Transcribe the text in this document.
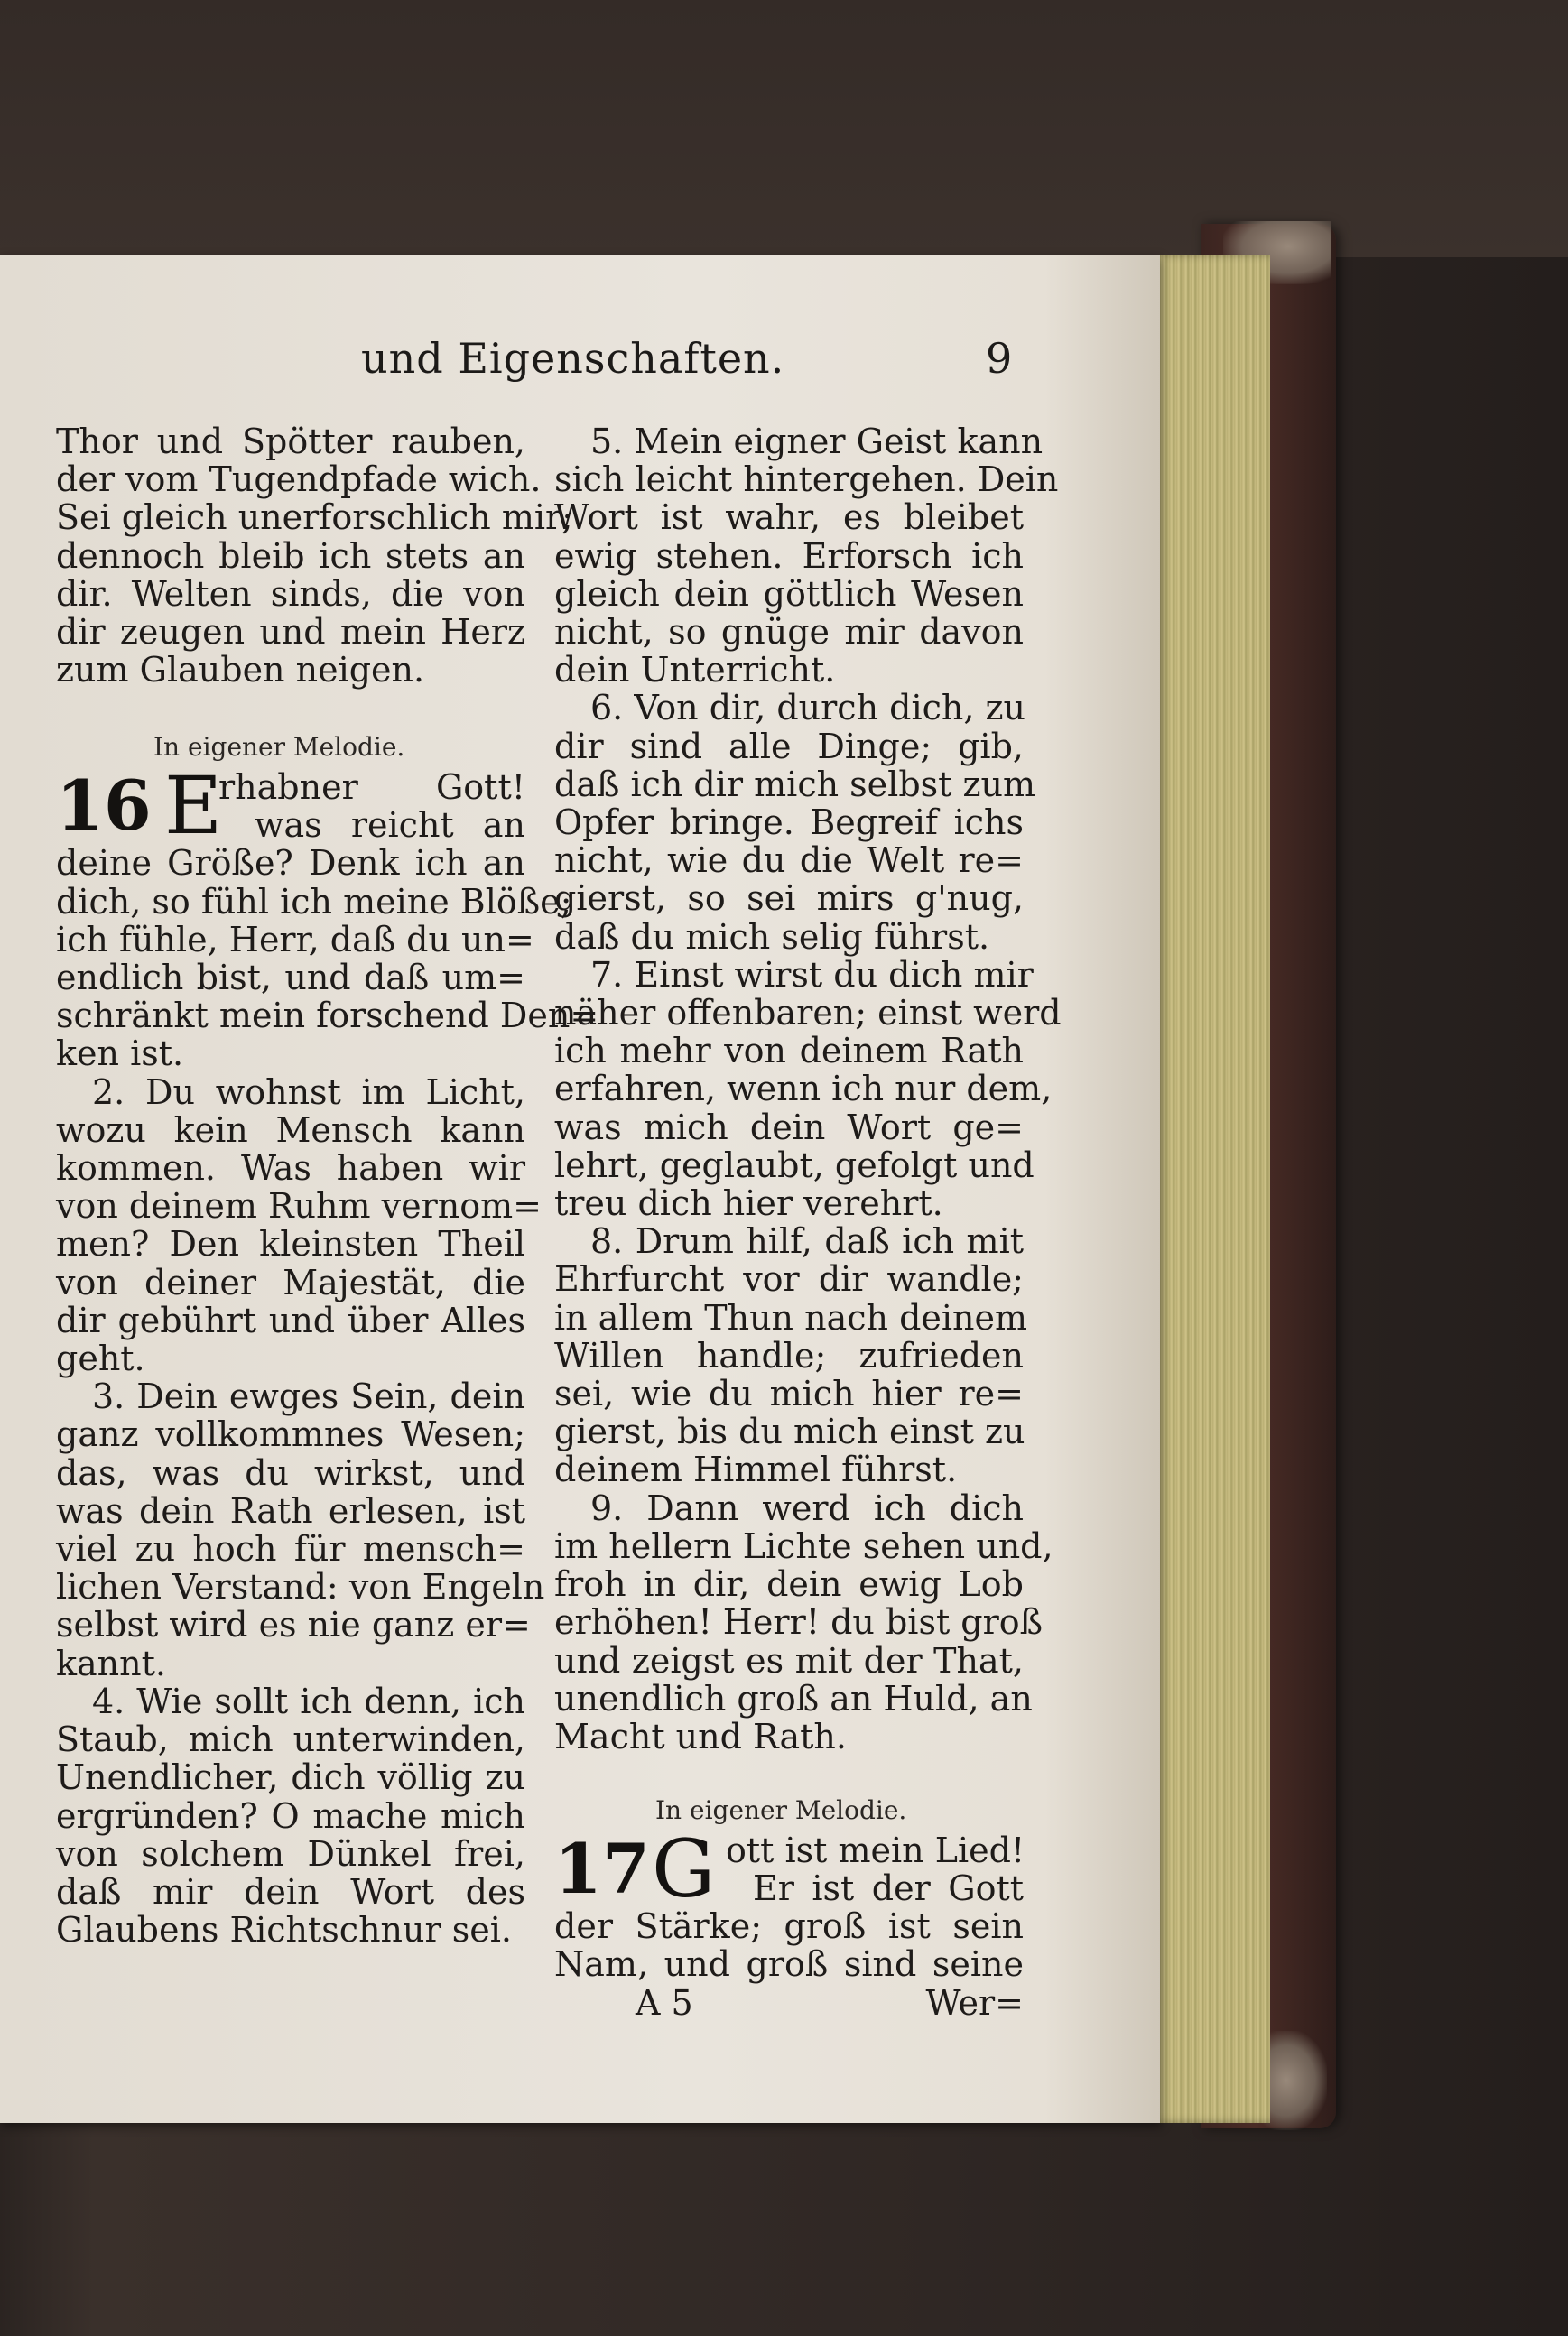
und Eigenschaften.	9
Thor und Spötter rauben,
der vom Tugendpfade wich.
Sei gleich unerforschlich mir;
dennoch bleib ich stets an
dir. Welten sinds, die von
dir zeugen und mein Herz
zum Glauben neigen.
In eigener Melodie.
16 E
rhabner Gott!
was reicht an
deine Größe? Denk ich an
dich, so fühl ich meine Blöße;
ich fühle, Herr, daß du un=
endlich bist, und daß um=
schränkt mein forschend Den=
ken ist.
2. Du wohnst im Licht,
wozu kein Mensch kann
kommen. Was haben wir
von deinem Ruhm vernom=
men? Den kleinsten Theil
von deiner Majestät, die
dir gebührt und über Alles
geht.
3. Dein ewges Sein, dein
ganz vollkommnes Wesen;
das, was du wirkst, und
was dein Rath erlesen, ist
viel zu hoch für mensch=
lichen Verstand: von Engeln
selbst wird es nie ganz er=
kannt.
4. Wie sollt ich denn, ich
Staub, mich unterwinden,
Unendlicher, dich völlig zu
ergründen? O mache mich
von solchem Dünkel frei,
daß mir dein Wort des
Glaubens Richtschnur sei.
5. Mein eigner Geist kann
sich leicht hintergehen. Dein
Wort ist wahr, es bleibet
ewig stehen. Erforsch ich
gleich dein göttlich Wesen
nicht, so gnüge mir davon
dein Unterricht.
6. Von dir, durch dich, zu
dir sind alle Dinge; gib,
daß ich dir mich selbst zum
Opfer bringe. Begreif ichs
nicht, wie du die Welt re=
gierst, so sei mirs g'nug,
daß du mich selig führst.
7. Einst wirst du dich mir
näher offenbaren; einst werd
ich mehr von deinem Rath
erfahren, wenn ich nur dem,
was mich dein Wort ge=
lehrt, geglaubt, gefolgt und
treu dich hier verehrt.
8. Drum hilf, daß ich mit
Ehrfurcht vor dir wandle;
in allem Thun nach deinem
Willen handle; zufrieden
sei, wie du mich hier re=
gierst, bis du mich einst zu
deinem Himmel führst.
9. Dann werd ich dich
im hellern Lichte sehen und,
froh in dir, dein ewig Lob
erhöhen! Herr! du bist groß
und zeigst es mit der That,
unendlich groß an Huld, an
Macht und Rath.
In eigener Melodie.
17 G ott ist mein Lied!
Er ist der Gott
der Stärke; groß ist sein
Nam, und groß sind seine
A 5	Wer=
